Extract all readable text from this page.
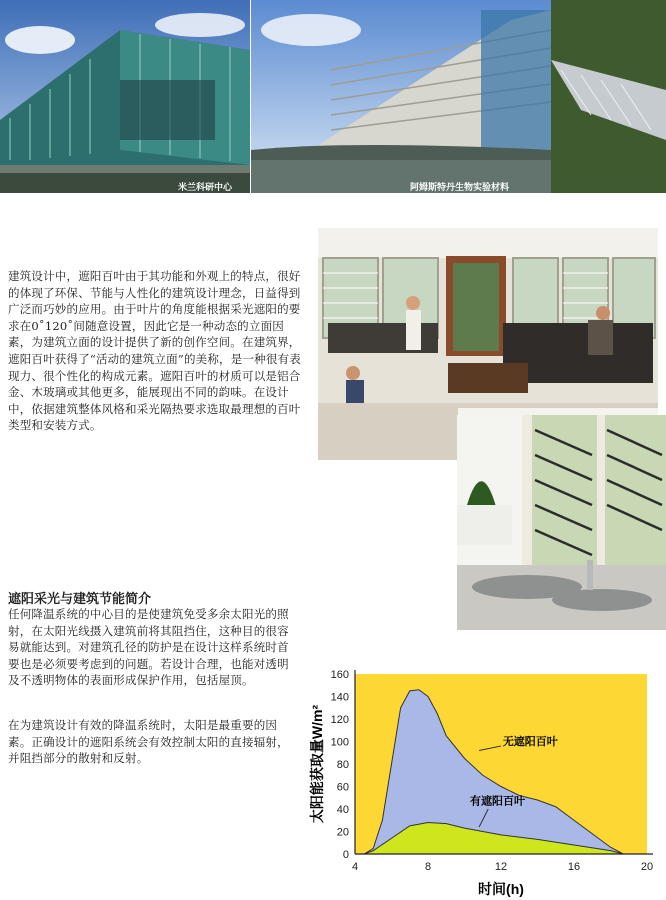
米兰科研中心	阿姆斯特丹生物实验材料

建筑设计中，遮阳百叶由于其功能和外观上的特点，很好的体现了环保、节能与人性化的建筑设计理念，日益得到广泛而巧妙的应用。由于叶片的角度能根据采光遮阳的要求在0˚120˚间随意设置，因此它是一种动态的立面因素，为建筑立面的设计提供了新的创作空间。在建筑界，遮阳百叶获得了“活动的建筑立面”的美称，是一种很有表现力、很个性化的构成元素。遮阳百叶的材质可以是铝合金、木玻璃或其他更多，能展现出不同的韵味。在设计中，依据建筑整体风格和采光隔热要求选取最理想的百叶类型和安装方式。

遮阳采光与建筑节能简介

任何降温系统的中心目的是使建筑免受多余太阳光的照射，在太阳光线摄入建筑前将其阻挡住，这种目的很容易就能达到。对建筑孔径的防护是在设计这样系统时首要也是必须要考虑到的问题。若设计合理，也能对透明及不透明物体的表面形成保护作用，包括屋顶。

在为建筑设计有效的降温系统时，太阳是最重要的因素。正确设计的遮阳系统会有效控制太阳的直接辐射，并阻挡部分的散射和反射。

0
20
40
60
80
100
120
140
160
4	8	12	16	20
无遮阳百叶
有遮阳百叶
时间(h)
太阳能获取量W/m²
